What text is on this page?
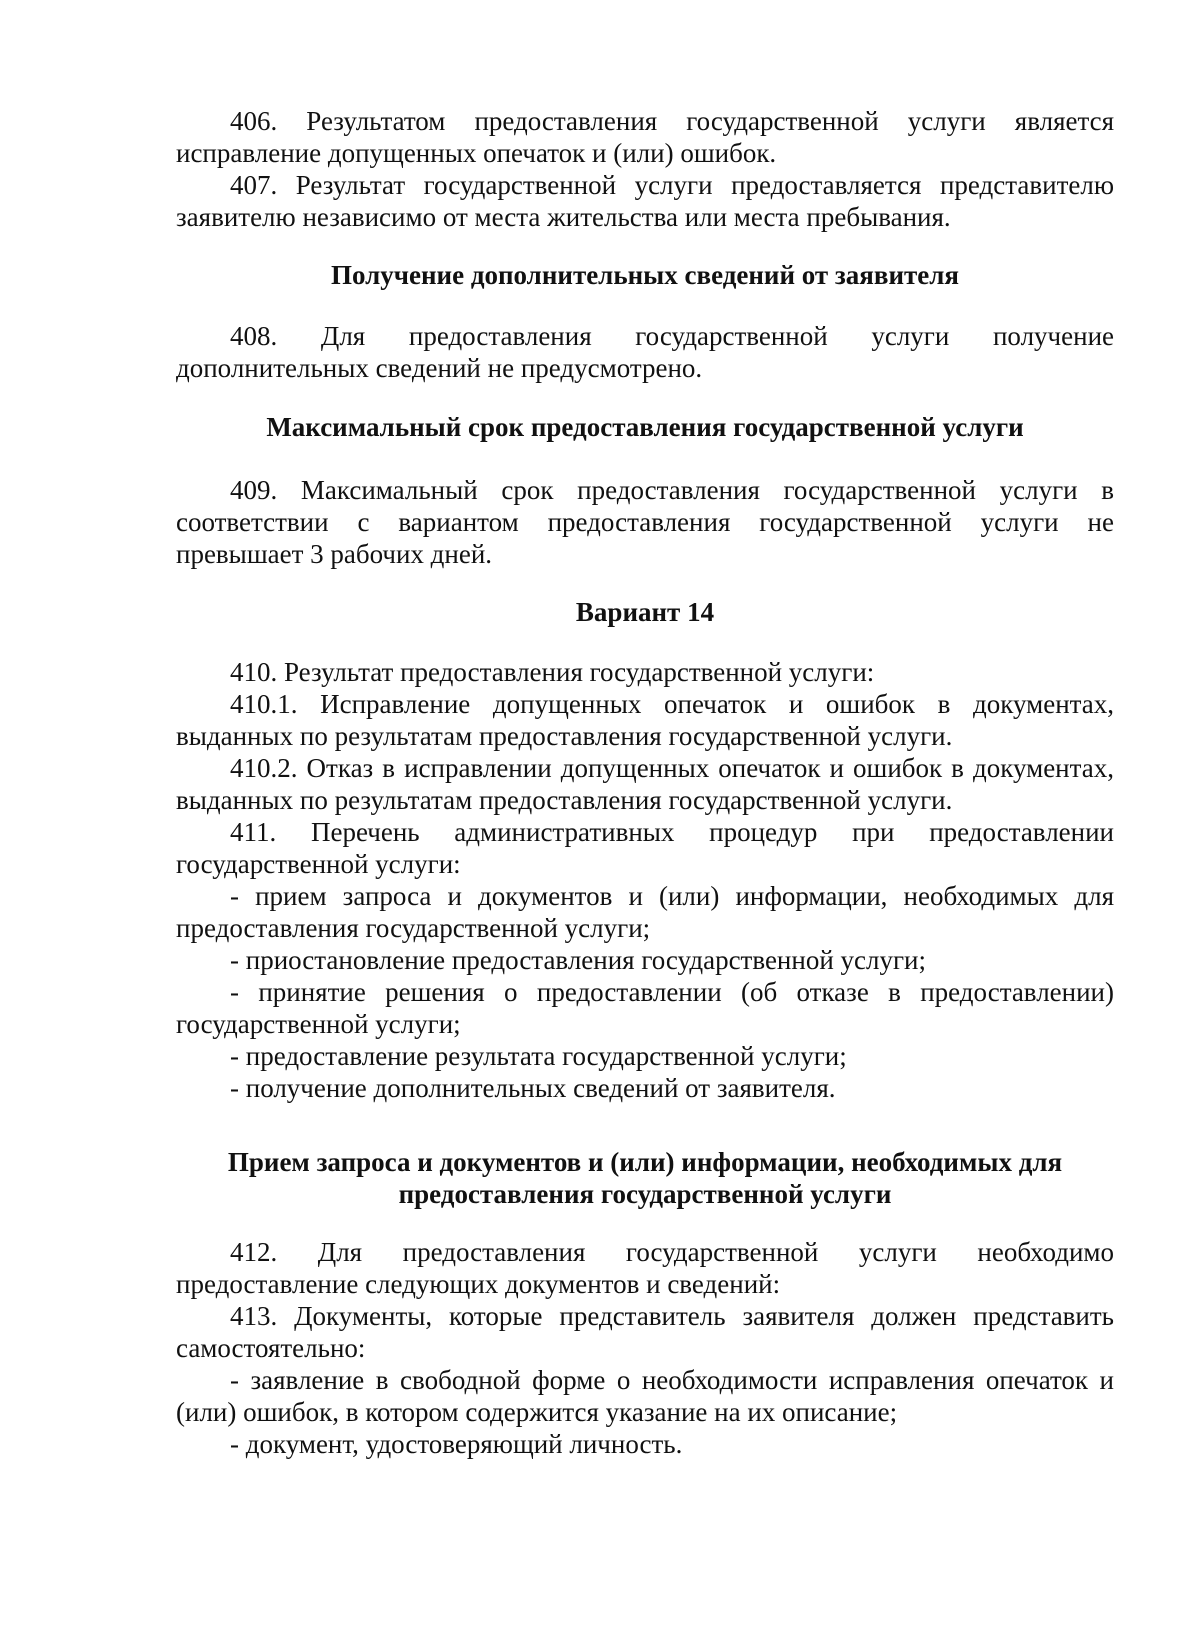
406. Результатом предоставления государственной услуги является исправление допущенных опечаток и (или) ошибок.

407. Результат государственной услуги предоставляется представителю заявителю независимо от места жительства или места пребывания.

Получение дополнительных сведений от заявителя

408. Для предоставления государственной услуги получение дополнительных сведений не предусмотрено.

Максимальный срок предоставления государственной услуги

409. Максимальный срок предоставления государственной услуги в соответствии с вариантом предоставления государственной услуги не превышает 3 рабочих дней.

Вариант 14

410. Результат предоставления государственной услуги:

410.1. Исправление допущенных опечаток и ошибок в документах, выданных по результатам предоставления государственной услуги.

410.2. Отказ в исправлении допущенных опечаток и ошибок в документах, выданных по результатам предоставления государственной услуги.

411. Перечень административных процедур при предоставлении государственной услуги:

- прием запроса и документов и (или) информации, необходимых для предоставления государственной услуги;

- приостановление предоставления государственной услуги;

- принятие решения о предоставлении (об отказе в предоставлении) государственной услуги;

- предоставление результата государственной услуги;

- получение дополнительных сведений от заявителя.

Прием запроса и документов и (или) информации, необходимых для предоставления государственной услуги

412. Для предоставления государственной услуги необходимо предоставление следующих документов и сведений:

413. Документы, которые представитель заявителя должен представить самостоятельно:

- заявление в свободной форме о необходимости исправления опечаток и (или) ошибок, в котором содержится указание на их описание;

- документ, удостоверяющий личность.
